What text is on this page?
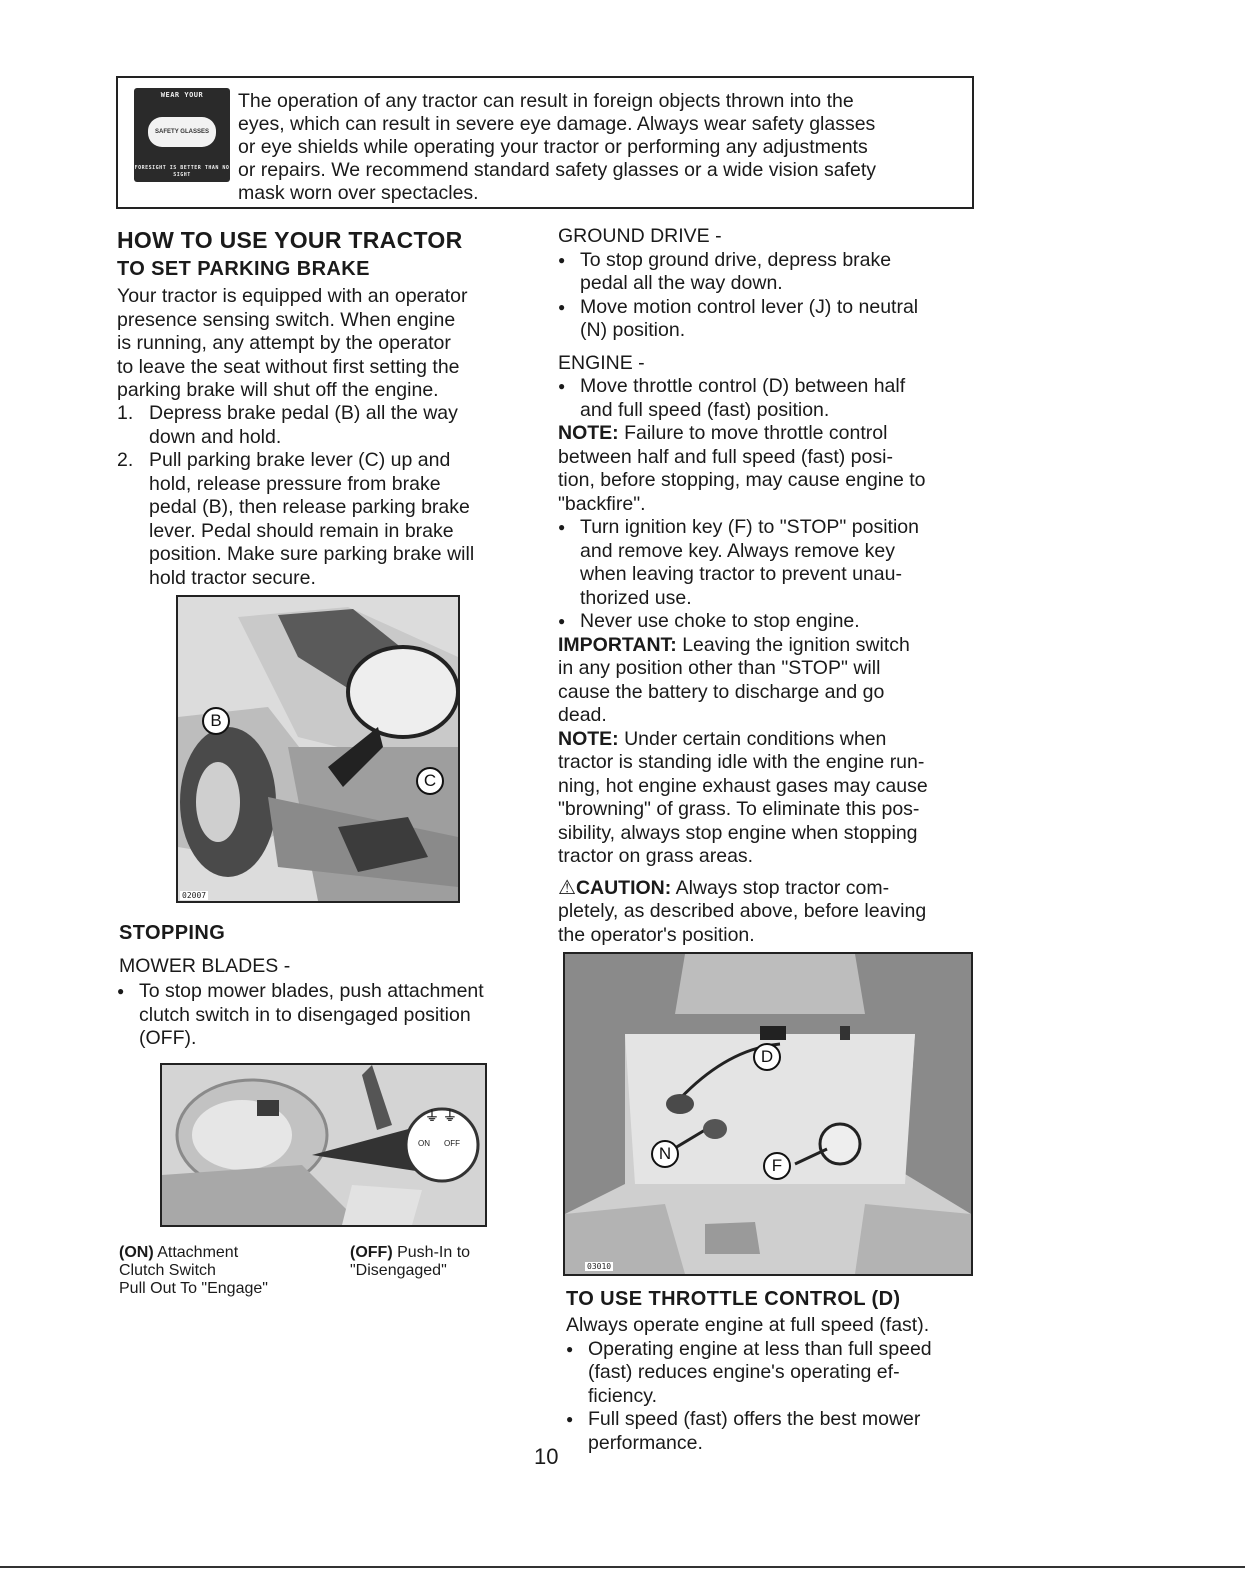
WEAR YOUR
SAFETY GLASSES
FORESIGHT IS BETTER THAN NO SIGHT
The operation of any tractor can result in foreign objects thrown into the
eyes, which can result in severe eye damage. Always wear safety glasses
or eye shields while operating your tractor or performing any adjustments
or repairs. We recommend standard safety glasses or a wide vision safety
mask worn over spectacles.
HOW TO USE YOUR TRACTOR
TO SET PARKING BRAKE
Your tractor is equipped with an operator
presence sensing switch. When engine
is running, any attempt by the operator
to leave the seat without first setting the
parking brake will shut off the engine.
1. Depress brake pedal (B) all the way
down and hold.
2. Pull parking brake lever (C) up and
hold, release pressure from brake
pedal (B), then release parking brake
lever. Pedal should remain in brake
position. Make sure parking brake will
hold tractor secure.
B
C
02007
STOPPING
MOWER BLADES -
● To stop mower blades, push attachment
clutch switch in to disengaged position
(OFF).
⏚ ⏚
ON OFF
(ON) Attachment
Clutch Switch
Pull Out To "Engage"
(OFF) Push-In to
"Disengaged"
GROUND DRIVE -
● To stop ground drive, depress brake
pedal all the way down.
● Move motion control lever (J) to neutral
(N) position.
ENGINE -
● Move throttle control (D) between half
and full speed (fast) position.
NOTE: Failure to move throttle control
between half and full speed (fast) posi-
tion, before stopping, may cause engine to
"backfire".
● Turn ignition key (F) to "STOP" position
and remove key. Always remove key
when leaving tractor to prevent unau-
thorized use.
● Never use choke to stop engine.
IMPORTANT: Leaving the ignition switch
in any position other than "STOP" will
cause the battery to discharge and go
dead.
NOTE: Under certain conditions when
tractor is standing idle with the engine run-
ning, hot engine exhaust gases may cause
"browning" of grass. To eliminate this pos-
sibility, always stop engine when stopping
tractor on grass areas.
⚠CAUTION: Always stop tractor com-
pletely, as described above, before leaving
the operator's position.
D
N
F
03010
TO USE THROTTLE CONTROL (D)
Always operate engine at full speed (fast).
● Operating engine at less than full speed
(fast) reduces engine's operating ef-
ficiency.
● Full speed (fast) offers the best mower
performance.
10
